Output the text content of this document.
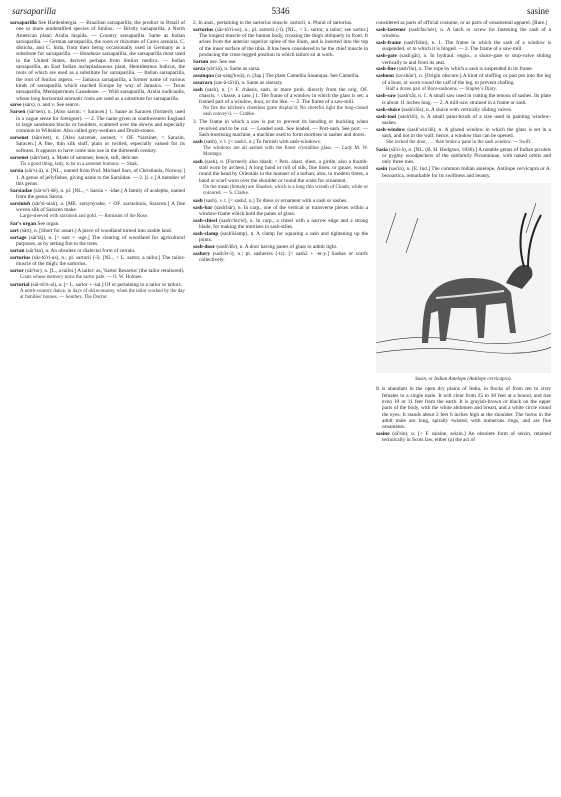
sarsaparilla	5346	sasine

sarsaparilla See Hardenbergia. — Brazilian sarsaparilla, the product in Brazil of one or more unidentified species of Smilax. — Bristly sarsaparilla, a North American plant, Aralia hispida. — Country sarsaparilla. Same as Indian sarsaparilla. — German sarsaparilla, the roots or rhizomes of Carex arenaria, C. disticha, and C. hirta, from their being occasionally used in Germany as a substitute for sarsaparilla. — Honduras sarsaparilla, the sarsaparilla most used in the United States, derived perhaps from Smilax medica. — Indian sarsaparilla, an East Indian asclepiadaceous plant, Hemidesmus Indicus, the roots of which are used as a substitute for sarsaparilla. — Italian sarsaparilla, the root of Smilax aspera. — Jamaica sarsaparilla, a former name of various kinds of sarsaparilla which reached Europe by way of Jamaica. — Texas sarsaparilla, Menispermum Canadense. — Wild sarsaparilla, Aralia nudicaulis, whose long horizontal aromatic roots are used as a substitute for sarsaparilla.

sarse (särs), n. and v. See searce.

Sarsen (sär'sen), n. [Also sarsin; < Saracen.] 1. Same as Saracen (formerly used in a vague sense for foreigner). — 2. The name given in southwestern England to large sandstone blocks or boulders, scattered over the downs and especially common in Wiltshire. Also called grey-wethers and Druid-stones.

sarsenet (särs'net), n. [Also sarcenet, sarsnet; < OF. *sarzinet, < Sarazin, Saracen.] A fine, thin silk stuff, plain or twilled, especially valued for its softness. It appears to have come into use in the thirteenth century.

sarsenet (särs'net), a. Made of sarsenet; hence, soft, delicate.

Tis a good thing, lady, to be in a sarsenet humour. — Shak.

sarsia (sär'si-ä), n. [NL., named from Prof. Michael Sars, of Christiania, Norway.] 1. A genus of jellyfishes, giving name to the Sarsiidae. — 2. [l. c.] A member of this genus.

Sarsiadae (sär-si'i-dē), n. pl. [NL., < Sarsia + -idae.] A family of acalephs, named from the genus Sarsia.

sarsinish (sär'si-nish), a. [ME. sarsynysshe, < OF. sarrasinois, Saracen.] A fine woven silk of Saracen make.

Large-sleeved with sarsinish and gold. — Romaunt of the Rose.

Sar's organ See organ.

sart (särt), n. [Short for assart.] A piece of woodland turned into arable land.

sartage (sär'tāj), n. [< sart + -age.] The clearing of woodland for agricultural purposes, as by setting fire to the trees.

sartan (sär'tan), n. An obsolete or dialectal form of certain.

sartorius (sär-tō'ri-us), n.; pl. sartorii (-ī). [NL., < L. sartor, a tailor.] The tailor-muscle of the thigh; the sartorius.

sartor (sär'tor), n. [L., a tailor.] A tailor: as, 'Sartor Resartus' (the tailor retailored).

Coats whose memory turns the sartor pale. — O. W. Holmes.

sartorial (sär-tō'ri-al), a. [< L. sartor + -ial.] Of or pertaining to a tailor or tailors.

A north-country dance, in days of old economy, when the tailor worked by the day at families' houses. — Southey, The Doctor.

2. In anat., pertaining to the sartorius muscle. sartorii, n. Plural of sartorius.

sartorius (sär-tō'ri-us), n.; pl. sartorii (-ī). [NL., < L. sartor, a tailor; see sartor.] The longest muscle of the human body, crossing the thigh obliquely in front. It arises from the anterior superior spine of the ilium, and is inserted into the top of the inner surface of the tibia. It has been considered to be the chief muscle in producing the cross-legged position in which tailors sit at work.

Sarum use. See use.

sarza (sär'zä), n. Same as sarsa.

sasanqua (sa-sang'kwä), n. [Jap.] The plant Camellia Sasanqua. See Camellia.

sasarara (sas-ä-rä'rä), n. Same as siserary.

sash (sash), n. [< F. châssis, sash, or more prob. directly from the orig. OF. chassis; < chasse, a case.] 1. The frame of a window in which the glass is set; a framed part of a window, door, or the like. — 2. The frame of a saw-mill.

No fire the kitchen's cheerless grate display'd; No cheerful light the long-closed sash convey'd. — Crabbe.

3. The frame in which a saw is put to prevent its bending or buckling when revolved and to be cut. — Leaded sash. See leaded. — Port-sash. See port. — Sash-mortising machine, a machine used to form mortises in sashes and doors.

sash (sash), v. t. [< sash1, n.] To furnish with sash-windows.

The windows are all sashed with the finest crystalline glass. — Lady M. W. Montagu.

sash (sash), n. [Formerly also shash; < Pers. shast, shest, a girdle, also a thumb-stall worn by archers.] A long band or roll of silk, fine linen, or gauze, wound round the head by Orientals in the manner of a turban; also, in modern times, a band or scarf worn over the shoulder or round the waist for ornament.

On the mean (female) are Shashes, which is a long thin wreath of Cloath, white or coloured. — S. Clarke.

sash (sash), v. t. [< sash2, n.] To dress or ornament with a sash or sashes.

sash-bar (sash'bär), n. In carp., one of the vertical or transverse pieces within a window-frame which hold the panes of glass.

sash-chisel (sash'chiz'el), n. In carp., a chisel with a narrow edge and a strong blade, for making the mortises in sash-stiles.

sash-clamp (sash'klamp), n. A clamp for squaring a sash and tightening up the joints.

sash-door (sash'dōr), n. A door having panes of glass to admit light.

sashery (sash'ėr-i), n.; pl. sasheries (-iz). [< sash2 + -er-y.] Sashes or scarfs collectively.

considered as parts of official costume, or as parts of ornamental apparel. [Rare.]

sash-fastener (sash'fas'nėr), n. A latch or screw for fastening the sash of a window.

sash-frame (sash'frām), n. 1. The frame in which the sash of a window is suspended, or to which it is hinged. — 2. The frame of a saw-mill.

sash-gate (sash'gāt), n. In hydraul. engin., a sluice-gate or stop-valve sliding vertically to and from its seat.

sash-line (sash'līn), n. The rope by which a sash is suspended in its frame.

sashoon (sa-shōn'), n. [Origin obscure.] A kind of stuffing or pad put into the leg of a boot, or worn round the calf of the leg, to prevent chafing.

Half a dozen pair of Boot-sashoons. — Stapley's Diary.

sash-saw (sash'sâ), n. 1. A small saw used in cutting the tenons of sashes. Its plate is about 11 inches long. — 2. A mill-saw strained in a frame or sash.

sash-sluice (sash'slös), n. A sluice with vertically sliding valves.

sash-tool (sash'töl), n. A small paint-brush of a size used in painting window-sashes.

sash-window (sash'win'dō), n. A glazed window in which the glass is set in a sash, and not in the wall; hence, a window that can be opened.

She locked the door, . . . then broke a pane in the sash window. — Swift.

Sasia (sā'si-ä), n. [NL. (B. H. Hodgson, 1836).] A notable genus of Indian piculets or pygmy woodpeckers of the subfamily Picumninae, with naked orbits and only three toes.

sasin (sas'in), n. [E. Ind.] The common Indian antelope, Antilope cervicapra or A. bezoartica, remarkable for its swiftness and beauty.

Sasin, or Indian Antelope (Antilope cervicapra).

It is abundant in the open dry plains of India, in flocks of from ten to sixty females to a single male. It will clear from 25 to 30 feet at a bound, and rise even 10 or 11 feet from the earth. It is grayish-brown or black on the upper parts of the body, with the white abdomen and breast, and a white circle round the eyes. It stands about 2 feet 6 inches high at the shoulder. The horns in the adult male are long, spirally twisted, with numerous rings, and are fine ornaments.

sasine (sā'sin), n. [< F. saisine, seizin.] An obsolete form of seizin, retained technically in Scots law, either (a) the act of
